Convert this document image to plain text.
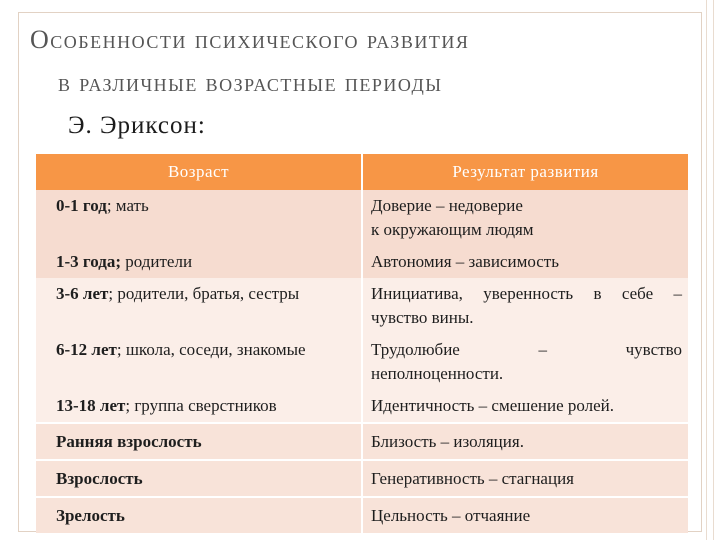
Особенности психического развития
в различные возрастные периоды
Э. Эриксон:
Возраст	Результат развития
0-1 год; мать	Доверие – недоверие
к окружающим людям

1-3 года; родители	Автономия – зависимость

3-6 лет; родители, братья, сестры	Инициатива, уверенность в себе –
чувство вины.

6-12 лет; школа, соседи, знакомые	Трудолюбие – чувство
неполноценности.

13-18 лет; группа сверстников	Идентичность – смешение ролей.

Ранняя взрослость	Близость – изоляция.
Взрослость	Генеративность – стагнация
Зрелость	Цельность – отчаяние
